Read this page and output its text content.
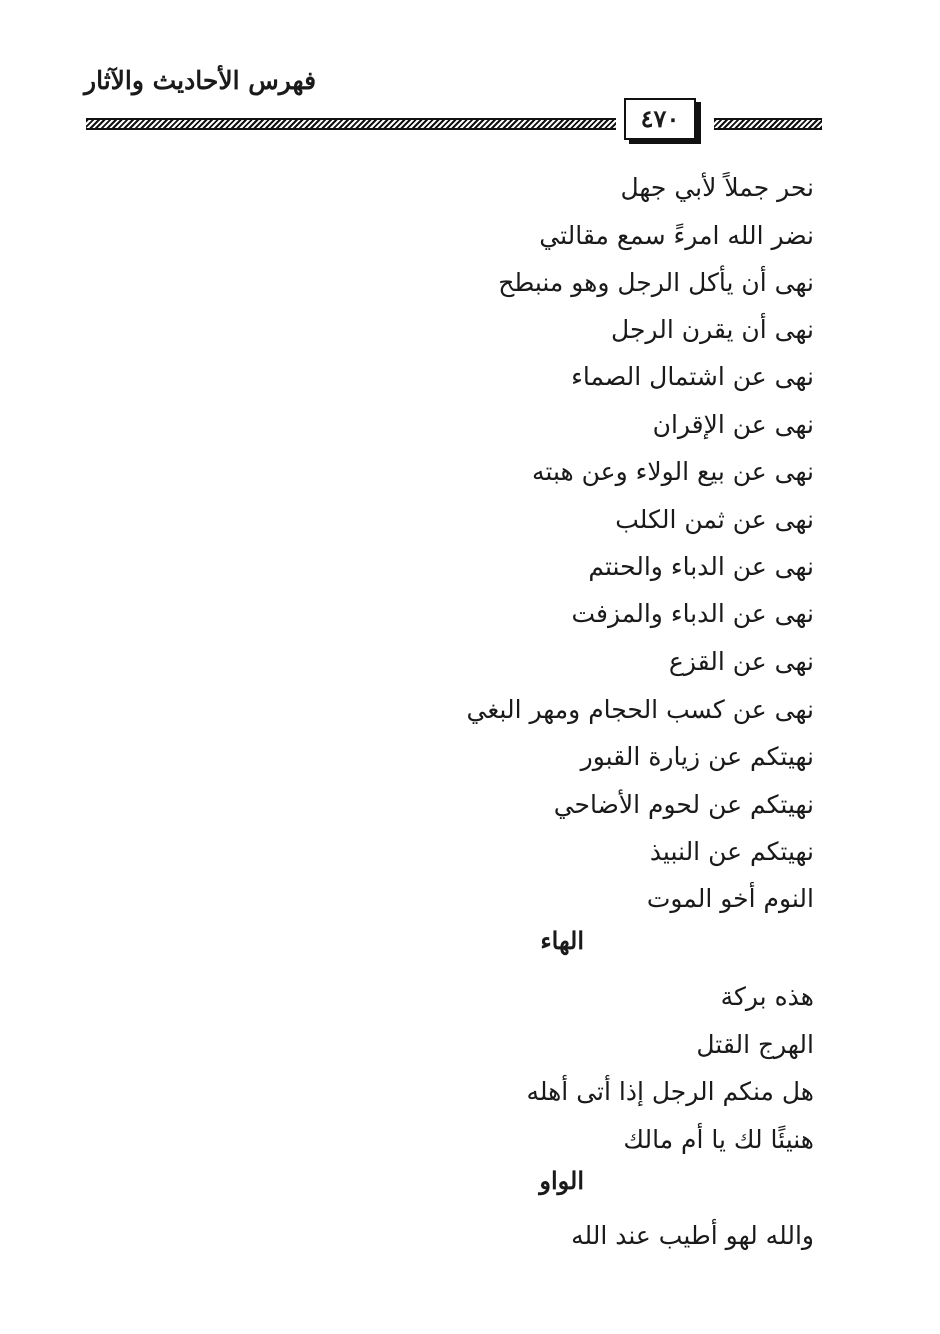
فهرس الأحاديث والآثار
٤٧٠
نحر جملاً لأبي جهل
نضر الله امرءً سمع مقالتي
نهى أن يأكل الرجل وهو منبطح
نهى أن يقرن الرجل
نهى عن اشتمال الصماء
نهى عن الإقران
نهى عن بيع الولاء وعن هبته
نهى عن ثمن الكلب
نهى عن الدباء والحنتم
نهى عن الدباء والمزفت
نهى عن القزع
نهى عن كسب الحجام ومهر البغي
نهيتكم عن زيارة القبور
نهيتكم عن لحوم الأضاحي
نهيتكم عن النبيذ
النوم أخو الموت
الهاء
هذه بركة
الهرج القتل
هل منكم الرجل إذا أتى أهله
هنيئًا لك يا أم مالك
الواو
والله لهو أطيب عند الله
